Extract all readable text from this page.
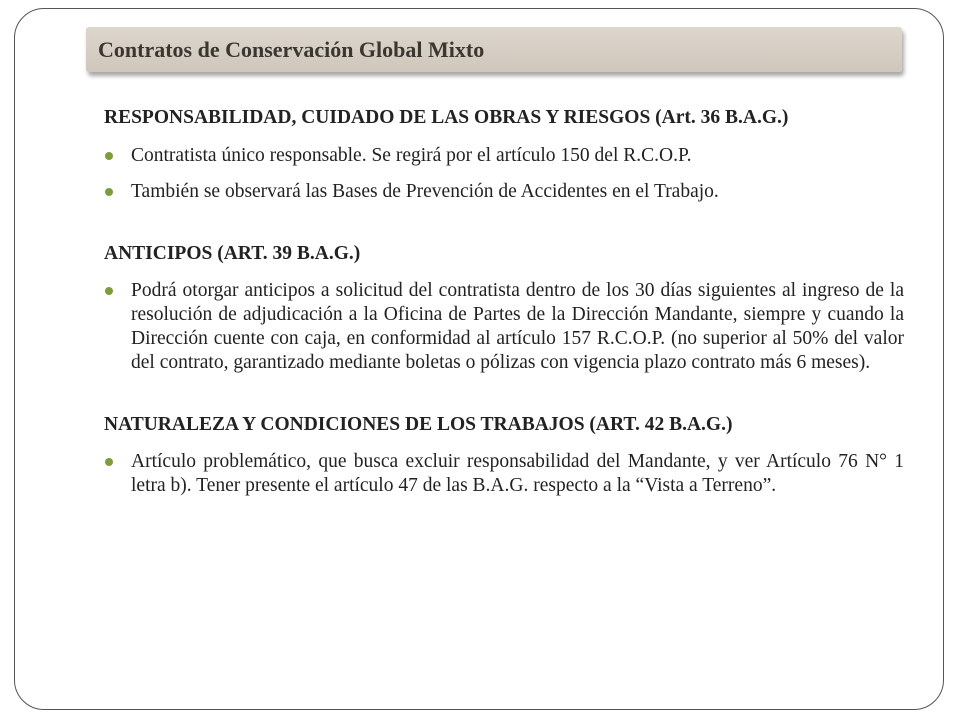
Contratos de Conservación Global Mixto

RESPONSABILIDAD, CUIDADO DE LAS OBRAS Y RIESGOS (Art. 36 B.A.G.)

Contratista único responsable. Se regirá por el artículo 150 del R.C.O.P.

También se observará las Bases de Prevención de Accidentes en el Trabajo.

ANTICIPOS (ART. 39 B.A.G.)

Podrá otorgar anticipos a solicitud del contratista dentro de los 30 días siguientes al ingreso de la resolución de adjudicación a la Oficina de Partes de la Dirección Mandante, siempre y cuando la Dirección cuente con caja, en conformidad al artículo 157 R.C.O.P. (no superior al 50% del valor del contrato, garantizado mediante boletas o pólizas con vigencia plazo contrato más 6 meses).

NATURALEZA Y CONDICIONES DE LOS TRABAJOS (ART. 42 B.A.G.)

Artículo problemático, que busca excluir responsabilidad del Mandante, y ver Artículo 76 N° 1 letra b). Tener presente el artículo 47 de las B.A.G. respecto a la “Vista a Terreno”.
